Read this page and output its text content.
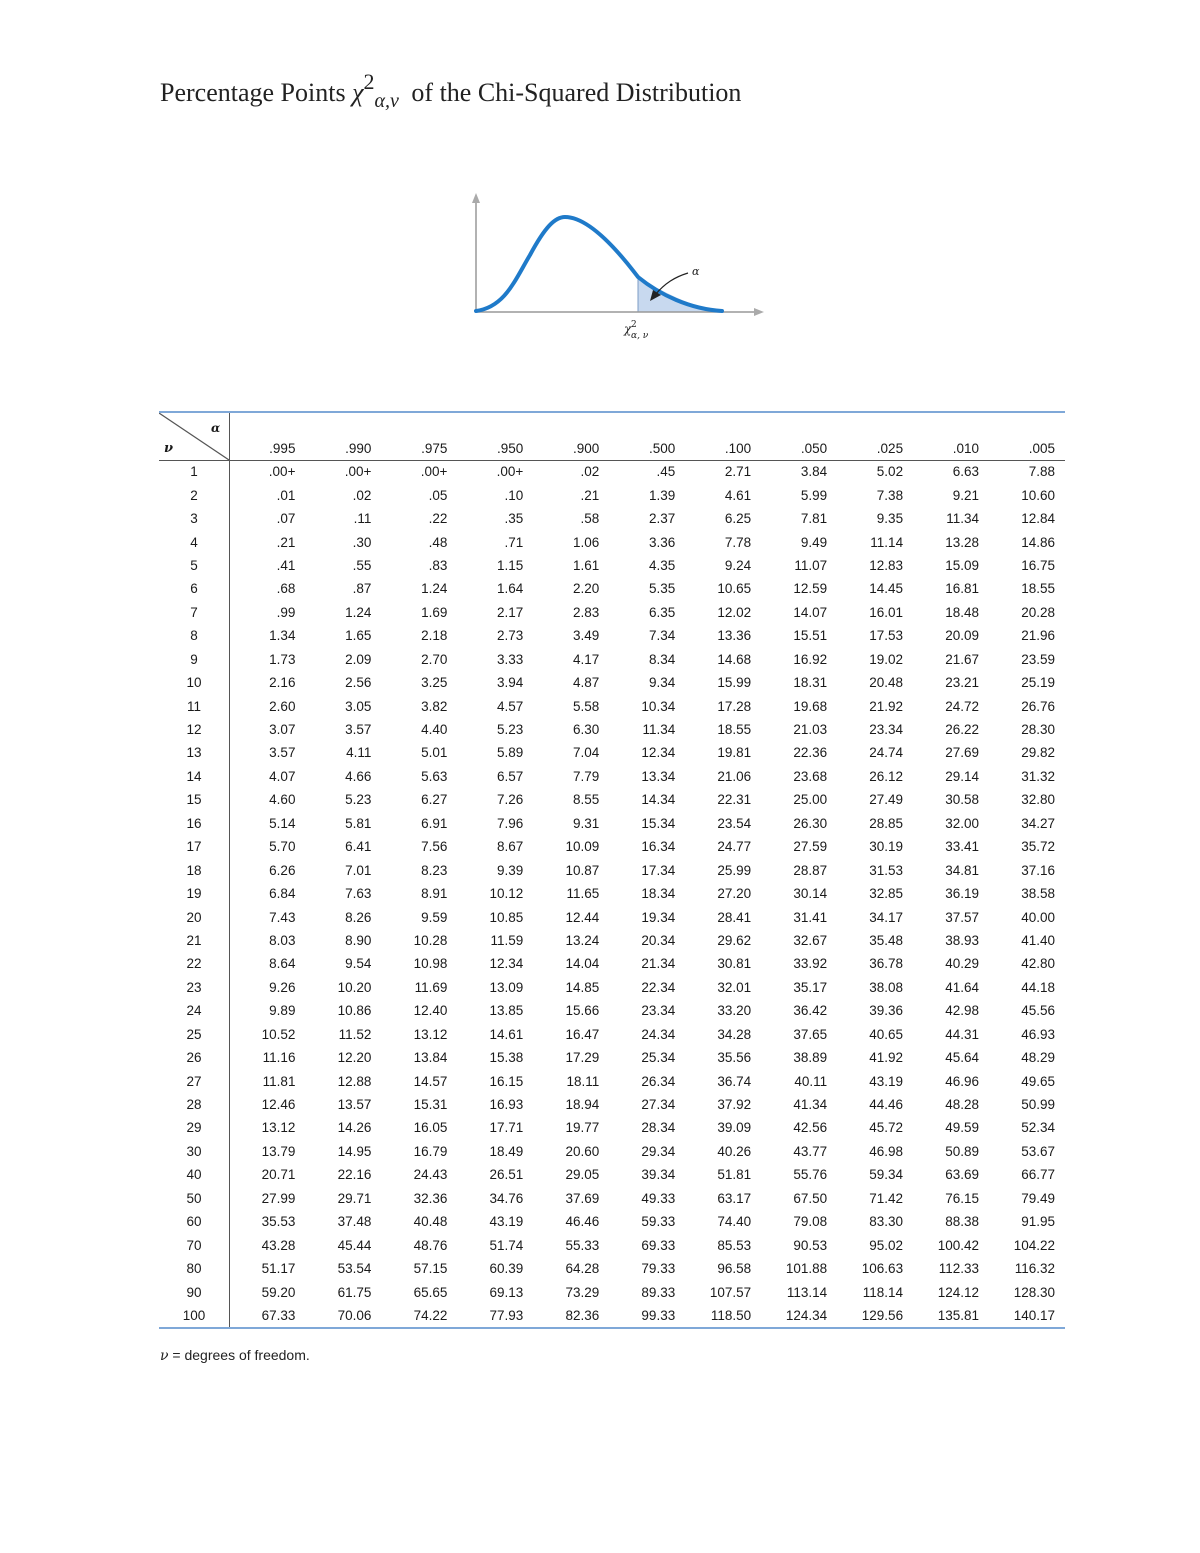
Percentage Points $\chi^2_{\alpha,\nu}$ of the Chi-Squared Distribution
α
χ 2
α, ν
α
ν	.995	.990	.975	.950	.900	.500	.100	.050	.025	.010	.005
1	.00+	.00+	.00+	.00+	.02	.45	2.71	3.84	5.02	6.63	7.88
2	.01	.02	.05	.10	.21	1.39	4.61	5.99	7.38	9.21	10.60
3	.07	.11	.22	.35	.58	2.37	6.25	7.81	9.35	11.34	12.84
4	.21	.30	.48	.71	1.06	3.36	7.78	9.49	11.14	13.28	14.86
5	.41	.55	.83	1.15	1.61	4.35	9.24	11.07	12.83	15.09	16.75
6	.68	.87	1.24	1.64	2.20	5.35	10.65	12.59	14.45	16.81	18.55
7	.99	1.24	1.69	2.17	2.83	6.35	12.02	14.07	16.01	18.48	20.28
8	1.34	1.65	2.18	2.73	3.49	7.34	13.36	15.51	17.53	20.09	21.96
9	1.73	2.09	2.70	3.33	4.17	8.34	14.68	16.92	19.02	21.67	23.59
10	2.16	2.56	3.25	3.94	4.87	9.34	15.99	18.31	20.48	23.21	25.19
11	2.60	3.05	3.82	4.57	5.58	10.34	17.28	19.68	21.92	24.72	26.76
12	3.07	3.57	4.40	5.23	6.30	11.34	18.55	21.03	23.34	26.22	28.30
13	3.57	4.11	5.01	5.89	7.04	12.34	19.81	22.36	24.74	27.69	29.82
14	4.07	4.66	5.63	6.57	7.79	13.34	21.06	23.68	26.12	29.14	31.32
15	4.60	5.23	6.27	7.26	8.55	14.34	22.31	25.00	27.49	30.58	32.80
16	5.14	5.81	6.91	7.96	9.31	15.34	23.54	26.30	28.85	32.00	34.27
17	5.70	6.41	7.56	8.67	10.09	16.34	24.77	27.59	30.19	33.41	35.72
18	6.26	7.01	8.23	9.39	10.87	17.34	25.99	28.87	31.53	34.81	37.16
19	6.84	7.63	8.91	10.12	11.65	18.34	27.20	30.14	32.85	36.19	38.58
20	7.43	8.26	9.59	10.85	12.44	19.34	28.41	31.41	34.17	37.57	40.00
21	8.03	8.90	10.28	11.59	13.24	20.34	29.62	32.67	35.48	38.93	41.40
22	8.64	9.54	10.98	12.34	14.04	21.34	30.81	33.92	36.78	40.29	42.80
23	9.26	10.20	11.69	13.09	14.85	22.34	32.01	35.17	38.08	41.64	44.18
24	9.89	10.86	12.40	13.85	15.66	23.34	33.20	36.42	39.36	42.98	45.56
25	10.52	11.52	13.12	14.61	16.47	24.34	34.28	37.65	40.65	44.31	46.93
26	11.16	12.20	13.84	15.38	17.29	25.34	35.56	38.89	41.92	45.64	48.29
27	11.81	12.88	14.57	16.15	18.11	26.34	36.74	40.11	43.19	46.96	49.65
28	12.46	13.57	15.31	16.93	18.94	27.34	37.92	41.34	44.46	48.28	50.99
29	13.12	14.26	16.05	17.71	19.77	28.34	39.09	42.56	45.72	49.59	52.34
30	13.79	14.95	16.79	18.49	20.60	29.34	40.26	43.77	46.98	50.89	53.67
40	20.71	22.16	24.43	26.51	29.05	39.34	51.81	55.76	59.34	63.69	66.77
50	27.99	29.71	32.36	34.76	37.69	49.33	63.17	67.50	71.42	76.15	79.49
60	35.53	37.48	40.48	43.19	46.46	59.33	74.40	79.08	83.30	88.38	91.95
70	43.28	45.44	48.76	51.74	55.33	69.33	85.53	90.53	95.02	100.42	104.22
80	51.17	53.54	57.15	60.39	64.28	79.33	96.58	101.88	106.63	112.33	116.32
90	59.20	61.75	65.65	69.13	73.29	89.33	107.57	113.14	118.14	124.12	128.30
100	67.33	70.06	74.22	77.93	82.36	99.33	118.50	124.34	129.56	135.81	140.17
ν = degrees of freedom.
